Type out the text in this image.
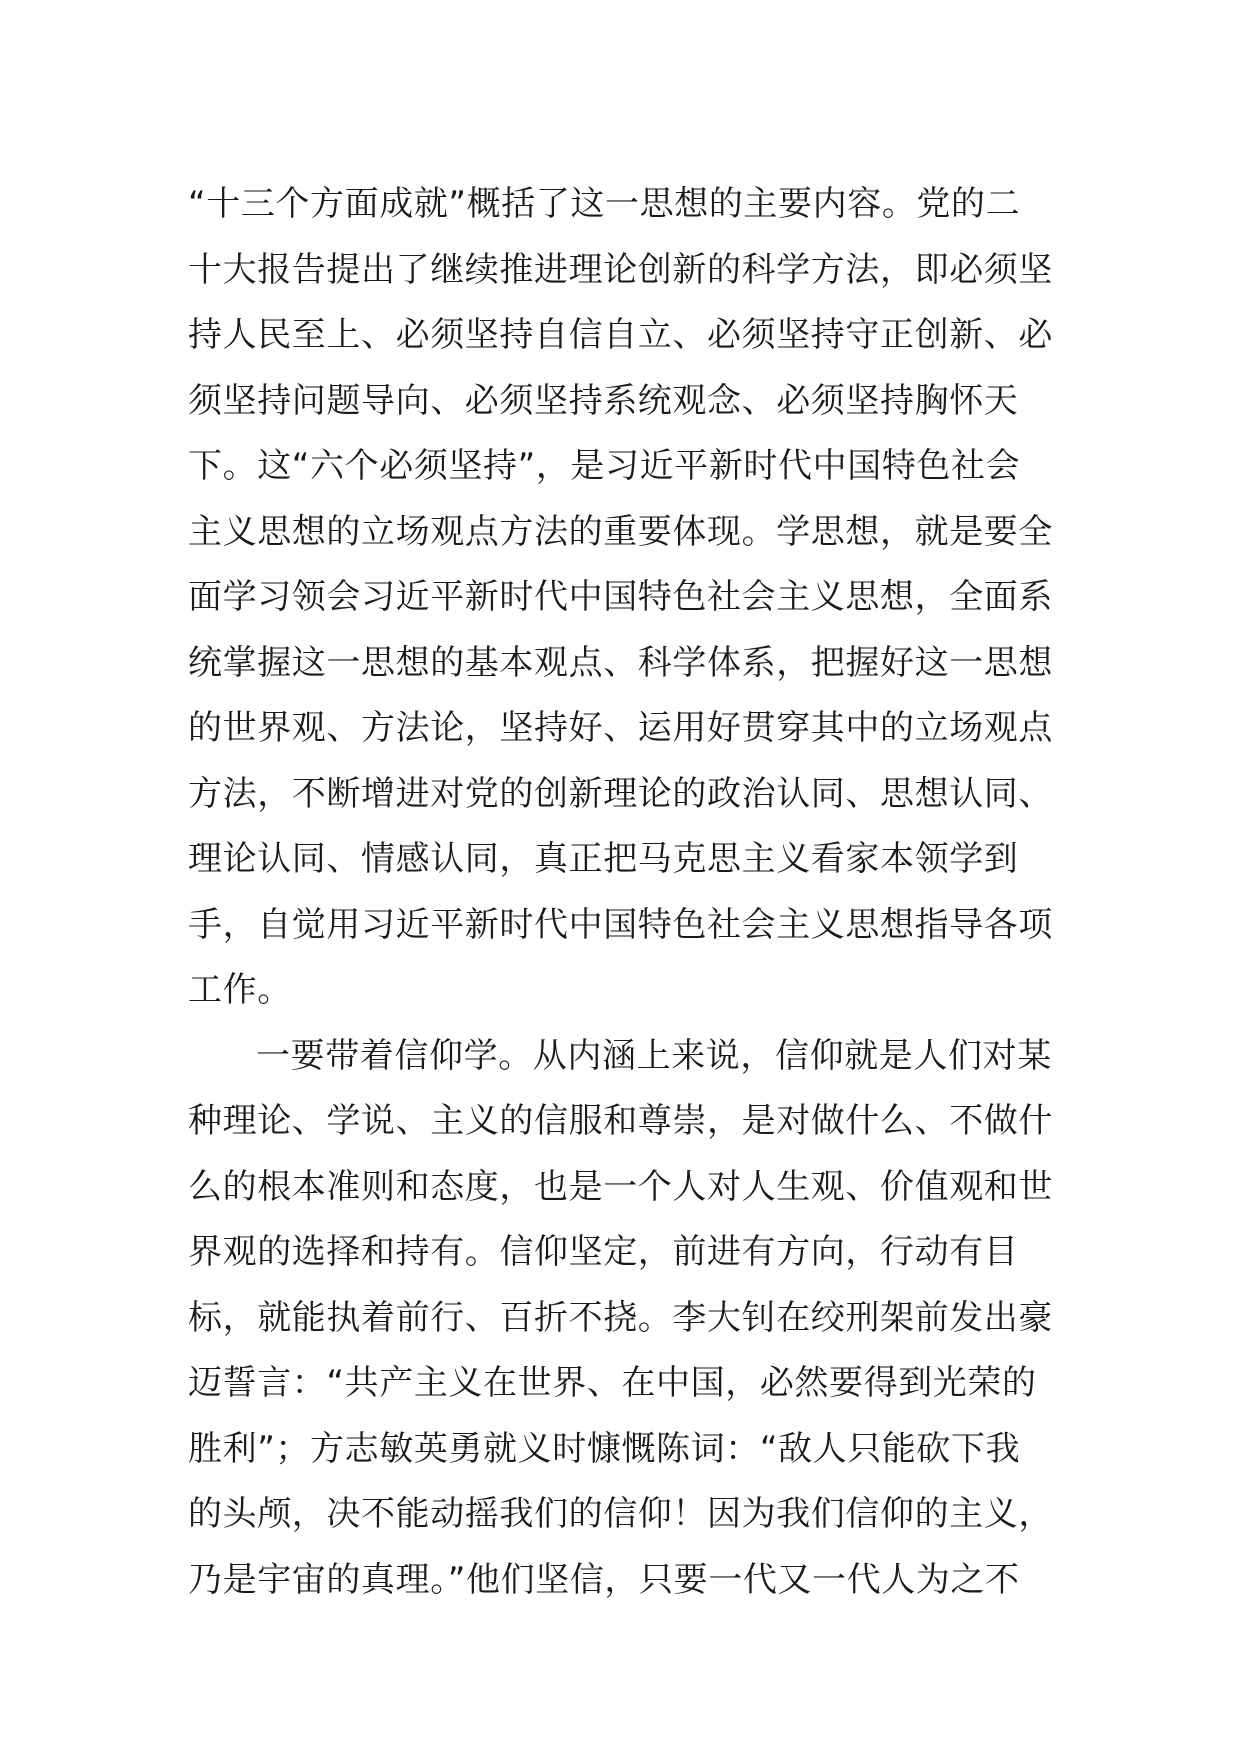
“十三个方面成就”概括了这一思想的主要内容。党的二
十大报告提出了继续推进理论创新的科学方法，即必须坚
持人民至上、必须坚持自信自立、必须坚持守正创新、必
须坚持问题导向、必须坚持系统观念、必须坚持胸怀天
下。这“六个必须坚持”，是习近平新时代中国特色社会
主义思想的立场观点方法的重要体现。学思想，就是要全
面学习领会习近平新时代中国特色社会主义思想，全面系
统掌握这一思想的基本观点、科学体系，把握好这一思想
的世界观、方法论，坚持好、运用好贯穿其中的立场观点
方法，不断增进对党的创新理论的政治认同、思想认同、
理论认同、情感认同，真正把马克思主义看家本领学到
手，自觉用习近平新时代中国特色社会主义思想指导各项
工作。
一要带着信仰学。从内涵上来说，信仰就是人们对某
种理论、学说、主义的信服和尊崇，是对做什么、不做什
么的根本准则和态度，也是一个人对人生观、价值观和世
界观的选择和持有。信仰坚定，前进有方向，行动有目
标，就能执着前行、百折不挠。李大钊在绞刑架前发出豪
迈誓言：“共产主义在世界、在中国，必然要得到光荣的
胜利”；方志敏英勇就义时慷慨陈词：“敌人只能砍下我
的头颅，决不能动摇我们的信仰！因为我们信仰的主义，
乃是宇宙的真理。”他们坚信，只要一代又一代人为之不
